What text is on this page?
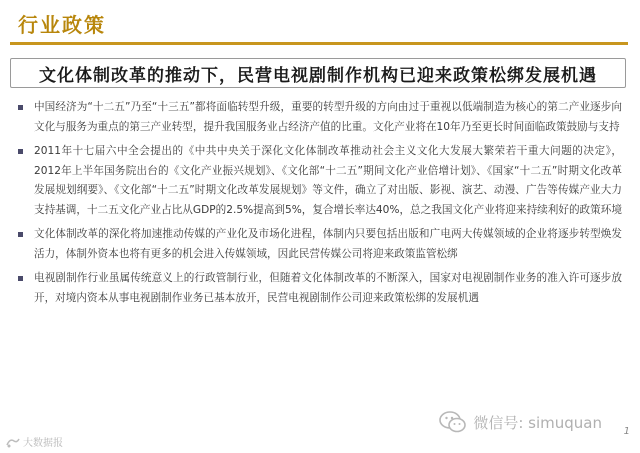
行业政策
文化体制改革的推动下，民营电视剧制作机构已迎来政策松绑发展机遇
中国经济为“十二五”乃至“十三五”都将面临转型升级，重要的转型升级的方向由过于重视以低端制造为核心的第二产业逐步向文化与服务为重点的第三产业转型，提升我国服务业占经济产值的比重。文化产业将在10年乃至更长时间面临政策鼓励与支持
2011年十七届六中全会提出的《中共中央关于深化文化体制改革推动社会主义文化大发展大繁荣若干重大问题的决定》，2012年上半年国务院出台的《文化产业振兴规划》、《文化部“十二五”期间文化产业倍增计划》、《国家“十二五”时期文化改革发展规划纲要》、《文化部“十二五”时期文化改革发展规划》等文件，确立了对出版、影视、演艺、动漫、广告等传媒产业大力支持基调，十二五文化产业占比从GDP的2.5%提高到5%，复合增长率达40%，总之我国文化产业将迎来持续利好的政策环境
文化体制改革的深化将加速推动传媒的产业化及市场化进程，体制内只要包括出版和广电两大传媒领域的企业将逐步转型焕发活力，体制外资本也将有更多的机会进入传媒领域，因此民营传媒公司将迎来政策监管松绑
电视剧制作行业虽属传统意义上的行政管制行业，但随着文化体制改革的不断深入，国家对电视剧制作业务的准入许可逐步放开，对境内资本从事电视剧制作业务已基本放开，民营电视剧制作公司迎来政策松绑的发展机遇
微信号: simuquan 1
大数据报
